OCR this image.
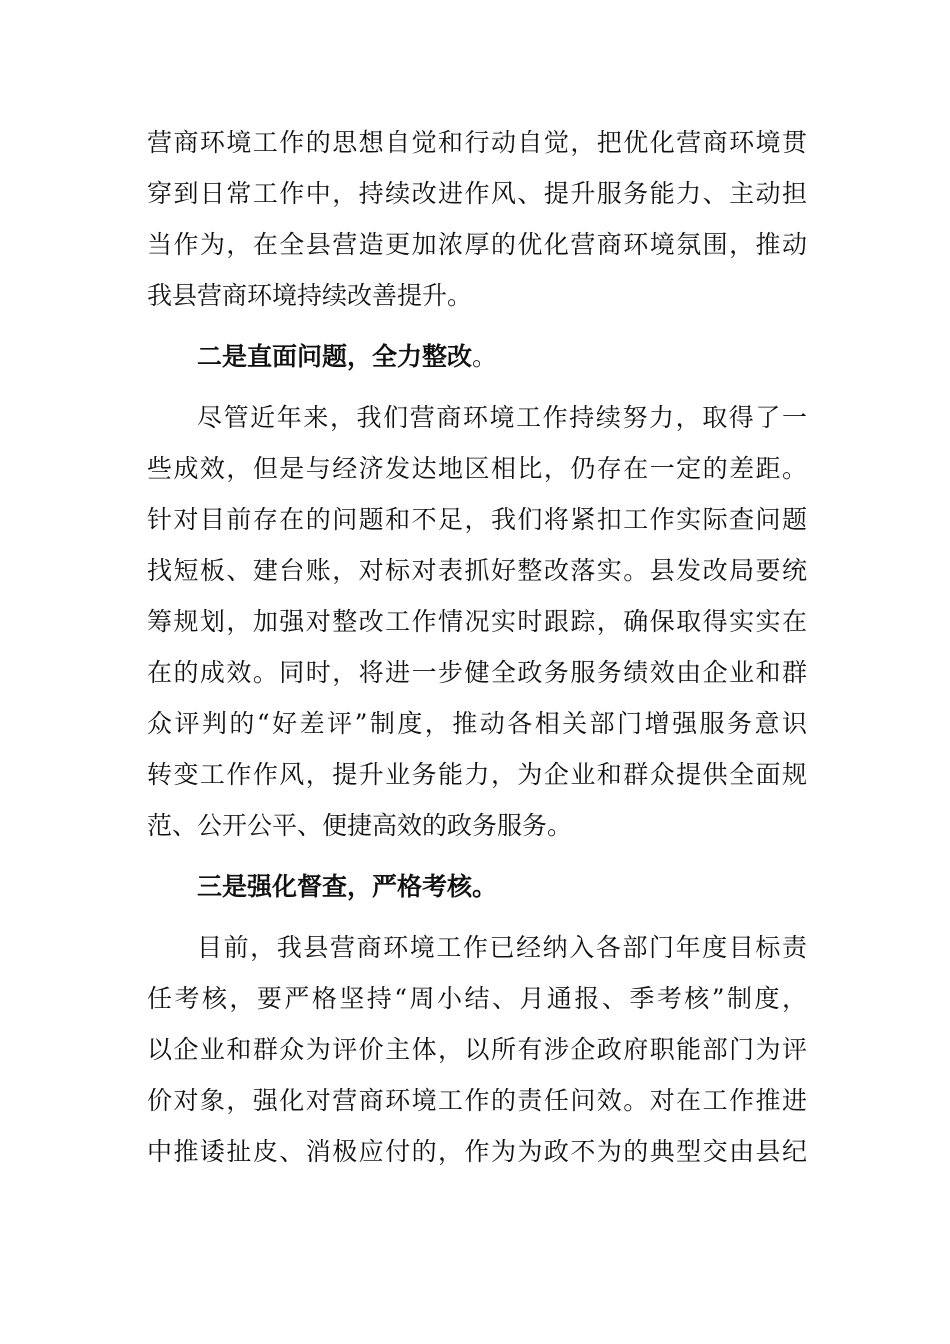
营商环境工作的思想自觉和行动自觉，把优化营商环境贯
穿到日常工作中，持续改进作风、提升服务能力、主动担
当作为，在全县营造更加浓厚的优化营商环境氛围，推动
我县营商环境持续改善提升。
二是直面问题，全力整改。
尽管近年来，我们营商环境工作持续努力，取得了一
些成效，但是与经济发达地区相比，仍存在一定的差距。
针对目前存在的问题和不足，我们将紧扣工作实际查问题
找短板、建台账，对标对表抓好整改落实。县发改局要统
筹规划，加强对整改工作情况实时跟踪，确保取得实实在
在的成效。同时，将进一步健全政务服务绩效由企业和群
众评判的“好差评”制度，推动各相关部门增强服务意识
转变工作作风，提升业务能力，为企业和群众提供全面规
范、公开公平、便捷高效的政务服务。
三是强化督查，严格考核。
目前，我县营商环境工作已经纳入各部门年度目标责
任考核，要严格坚持“周小结、月通报、季考核”制度，
以企业和群众为评价主体，以所有涉企政府职能部门为评
价对象，强化对营商环境工作的责任问效。对在工作推进
中推诿扯皮、消极应付的，作为为政不为的典型交由县纪
